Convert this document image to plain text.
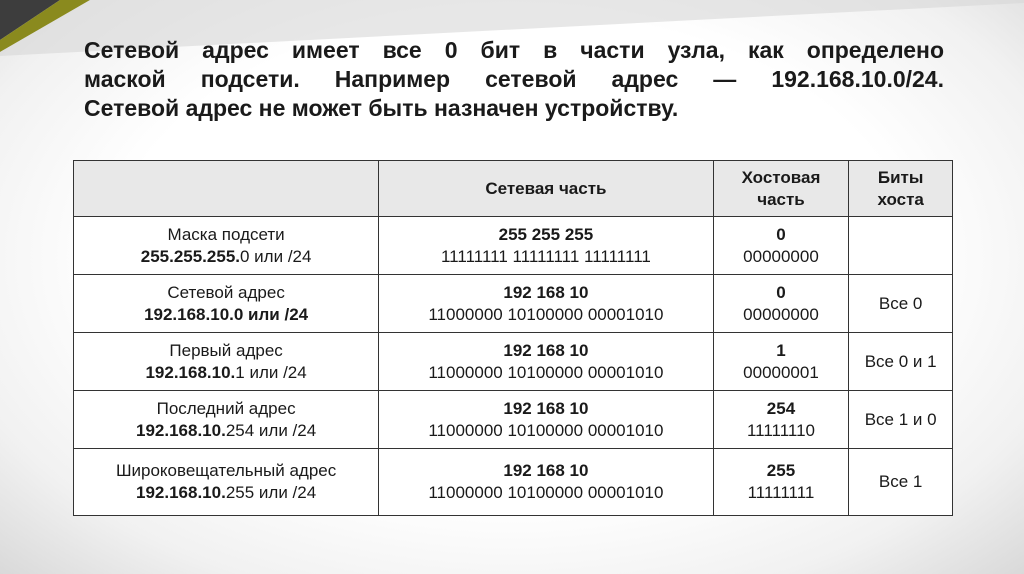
Сетевой адрес имеет все 0 бит в части узла, как определено
маской подсети. Например сетевой адрес — 192.168.10.0/24.
Сетевой адрес не может быть назначен устройству.
	Сетевая часть	Хостовая
часть	Биты
хоста

Маска подсети
255.255.255.0 или /24	255 255 255
11111111 11111111 11111111	0
00000000	

Сетевой адрес
192.168.10.0 или /24	192 168 10
11000000 10100000 00001010	0
00000000	Все 0

Первый адрес
192.168.10.1 или /24	192 168 10
11000000 10100000 00001010	1
00000001	Все 0 и 1

Последний адрес
192.168.10.254 или /24	192 168 10
11000000 10100000 00001010	254
11111110	Все 1 и 0

Широковещательный адрес
192.168.10.255 или /24	192 168 10
11000000 10100000 00001010	255
11111111	Все 1
